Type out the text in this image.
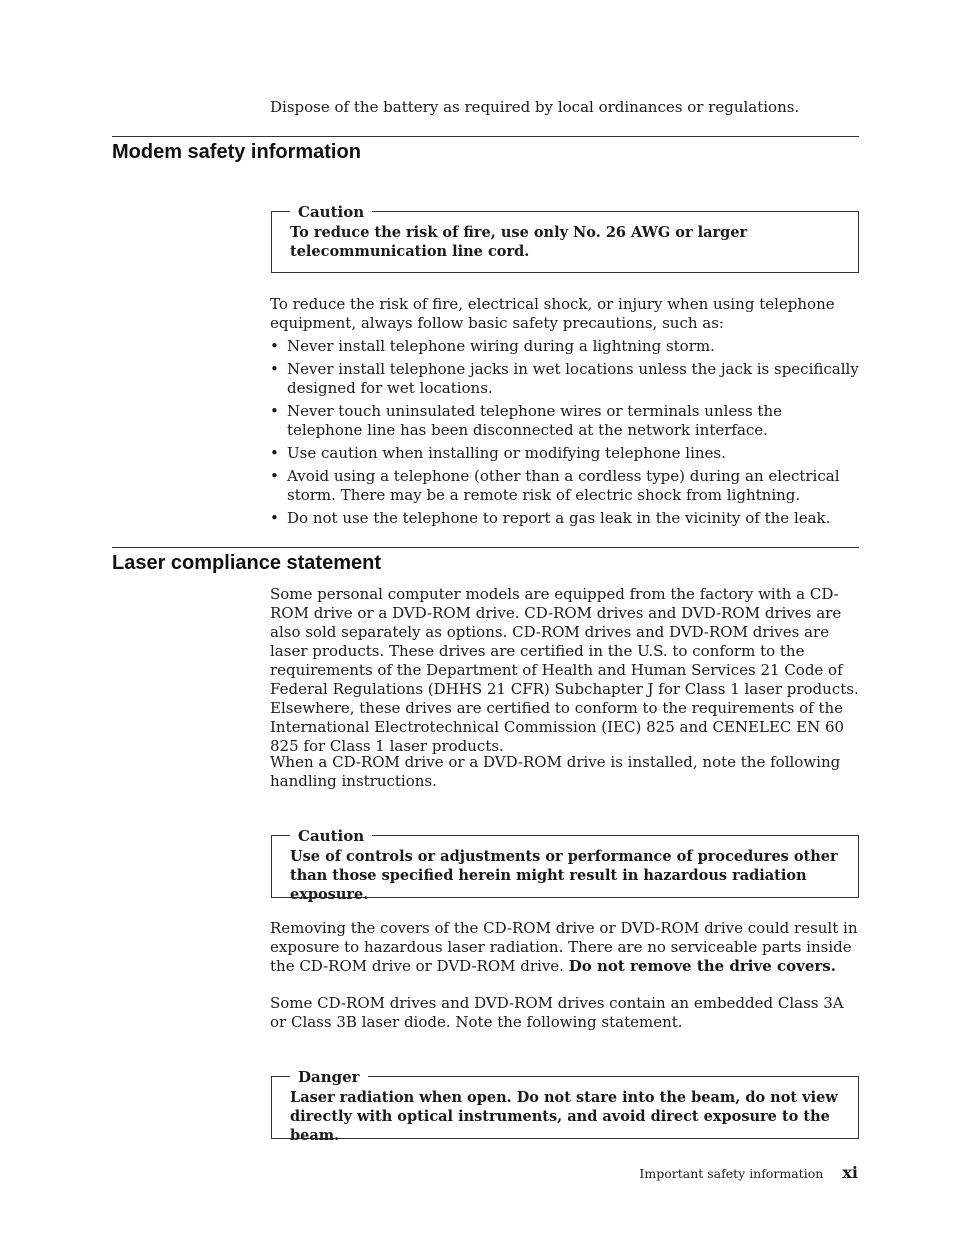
Dispose of the battery as required by local ordinances or regulations.
Modem safety information
Caution
To reduce the risk of fire, use only No. 26 AWG or larger telecommunication line cord.

To reduce the risk of fire, electrical shock, or injury when using telephone equipment, always follow basic safety precautions, such as:

• Never install telephone wiring during a lightning storm.
• Never install telephone jacks in wet locations unless the jack is specifically designed for wet locations.
• Never touch uninsulated telephone wires or terminals unless the telephone line has been disconnected at the network interface.
• Use caution when installing or modifying telephone lines.
• Avoid using a telephone (other than a cordless type) during an electrical storm. There may be a remote risk of electric shock from lightning.
• Do not use the telephone to report a gas leak in the vicinity of the leak.
Laser compliance statement

Some personal computer models are equipped from the factory with a CD-ROM drive or a DVD-ROM drive. CD-ROM drives and DVD-ROM drives are also sold separately as options. CD-ROM drives and DVD-ROM drives are laser products. These drives are certified in the U.S. to conform to the requirements of the Department of Health and Human Services 21 Code of Federal Regulations (DHHS 21 CFR) Subchapter J for Class 1 laser products. Elsewhere, these drives are certified to conform to the requirements of the International Electrotechnical Commission (IEC) 825 and CENELEC EN 60 825 for Class 1 laser products.

When a CD-ROM drive or a DVD-ROM drive is installed, note the following handling instructions.

Caution
Use of controls or adjustments or performance of procedures other than those specified herein might result in hazardous radiation exposure.

Removing the covers of the CD-ROM drive or DVD-ROM drive could result in exposure to hazardous laser radiation. There are no serviceable parts inside the CD-ROM drive or DVD-ROM drive. Do not remove the drive covers.

Some CD-ROM drives and DVD-ROM drives contain an embedded Class 3A or Class 3B laser diode. Note the following statement.

Danger
Laser radiation when open. Do not stare into the beam, do not view directly with optical instruments, and avoid direct exposure to the beam.
Important safety information xi
